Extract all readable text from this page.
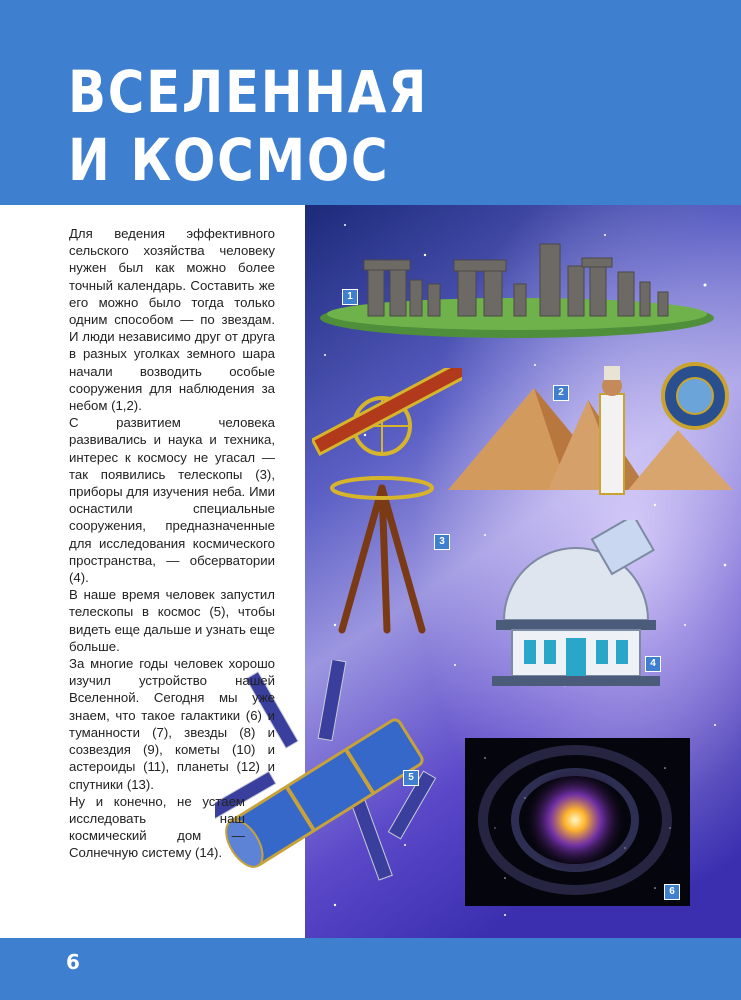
ВСЕЛЕННАЯ
И КОСМОС
1
2
3
4
5
6

Для ведения эффективного сельского хозяйства человеку нужен был как можно более точный календарь. Составить же его можно было тогда только одним способом — по звездам. И люди независимо друг от друга в разных уголках земного шара начали возводить особые сооружения для наблюдения за небом (1,2).

С развитием человека развивались и наука и техника, интерес к космосу не угасал — так появились телескопы (3), приборы для изучения неба. Ими оснастили специальные сооружения, предназначенные для исследования космического пространства, — обсерватории (4).

В наше время человек запустил телескопы в космос (5), чтобы видеть еще дальше и узнать еще больше.

За многие годы человек хорошо изучил устройство нашей Вселенной. Сегодня мы уже знаем, что такое галактики (6) и туманности (7), звезды (8) и созвездия (9), кометы (10) и астероиды (11), планеты (12) и спутники (13).

Ну и конечно, не устаем исследовать наш космический дом — Солнечную систему (14).

6
